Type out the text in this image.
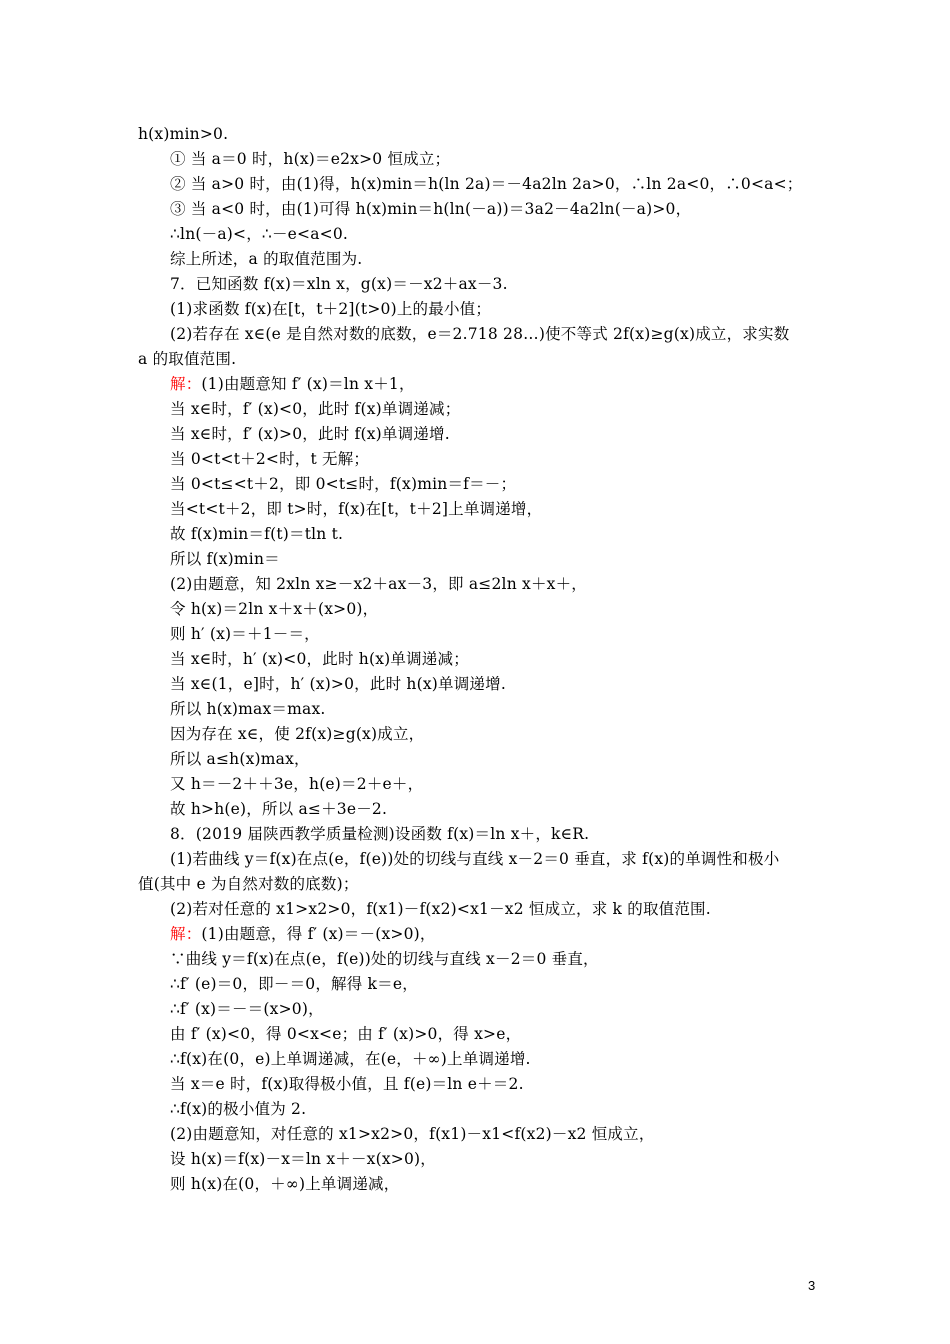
h(x)min>0.
① 当 a＝0 时，h(x)＝e2x>0 恒成立；
② 当 a>0 时，由(1)得，h(x)min＝h(ln 2a)＝－4a2ln 2a>0，∴ln 2a<0，∴0<a<；
③ 当 a<0 时，由(1)可得 h(x)min＝h(ln(－a))＝3a2－4a2ln(－a)>0，
∴ln(－a)<，∴－e<a<0.
综上所述，a 的取值范围为.
7．已知函数 f(x)＝xln x，g(x)＝－x2＋ax－3.
(1)求函数 f(x)在[t，t＋2](t>0)上的最小值；
(2)若存在 x∈(e 是自然对数的底数，e＝2.718 28…)使不等式 2f(x)≥g(x)成立，求实数
a 的取值范围.
解：(1)由题意知 f′ (x)＝ln x＋1，
当 x∈时，f′ (x)<0，此时 f(x)单调递减；
当 x∈时，f′ (x)>0，此时 f(x)单调递增.
当 0<t<t＋2<时，t 无解；
当 0<t≤<t＋2，即 0<t≤时，f(x)min＝f＝－；
当<t<t＋2，即 t>时，f(x)在[t，t＋2]上单调递增，
故 f(x)min＝f(t)＝tln t.
所以 f(x)min＝
(2)由题意，知 2xln x≥－x2＋ax－3，即 a≤2ln x＋x＋，
令 h(x)＝2ln x＋x＋(x>0)，
则 h′ (x)＝＋1－＝，
当 x∈时，h′ (x)<0，此时 h(x)单调递减；
当 x∈(1，e]时，h′ (x)>0，此时 h(x)单调递增.
所以 h(x)max＝max.
因为存在 x∈，使 2f(x)≥g(x)成立，
所以 a≤h(x)max，
又 h＝－2＋＋3e，h(e)＝2＋e＋，
故 h>h(e)，所以 a≤＋3e－2.
8．(2019 届陕西教学质量检测)设函数 f(x)＝ln x＋，k∈R.
(1)若曲线 y＝f(x)在点(e，f(e))处的切线与直线 x－2＝0 垂直，求 f(x)的单调性和极小
值(其中 e 为自然对数的底数)；
(2)若对任意的 x1>x2>0，f(x1)－f(x2)<x1－x2 恒成立，求 k 的取值范围.
解：(1)由题意，得 f′ (x)＝－(x>0)，
∵曲线 y＝f(x)在点(e，f(e))处的切线与直线 x－2＝0 垂直，
∴f′ (e)＝0，即－＝0，解得 k＝e，
∴f′ (x)＝－＝(x>0)，
由 f′ (x)<0，得 0<x<e；由 f′ (x)>0，得 x>e，
∴f(x)在(0，e)上单调递减，在(e，＋∞)上单调递增.
当 x＝e 时，f(x)取得极小值，且 f(e)＝ln e＋＝2.
∴f(x)的极小值为 2.
(2)由题意知，对任意的 x1>x2>0，f(x1)－x1<f(x2)－x2 恒成立，
设 h(x)＝f(x)－x＝ln x＋－x(x>0)，
则 h(x)在(0，＋∞)上单调递减，
3
